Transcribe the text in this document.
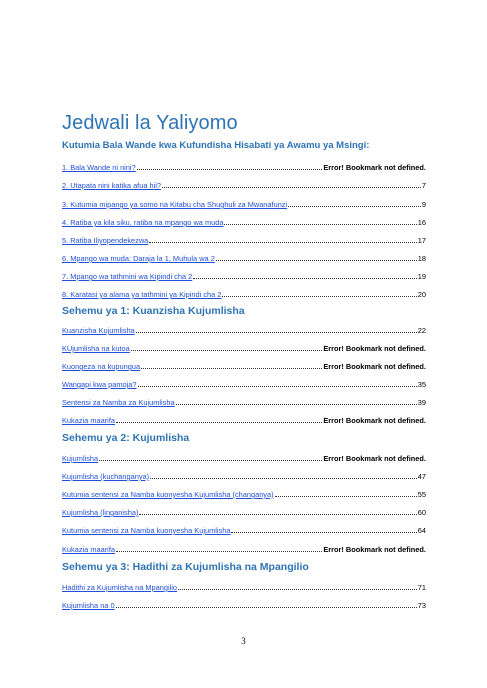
Jedwali la Yaliyomo
Kutumia Bala Wande kwa Kufundisha Hisabati ya Awamu ya Msingi:
1. Bala Wande ni nini?	Error! Bookmark not defined.
2. Utapata nini katika afua hii?	7
3. Kutumia mipango ya somo na Kitabu cha Shughuli za Mwanafunzi	9
4. Ratiba ya kila siku, ratiba na mpango wa muda	16
5. Ratiba Iliyopendekezwa	17
6. Mpango wa muda: Daraja la 1, Muhula wa 2	18
7. Mpango wa tathmini wa Kipindi cha 2	19
8. Karatasi ya alama ya tathmini ya Kipindi cha 2	20
Sehemu ya 1: Kuanzisha Kujumlisha
Kuanzisha Kujumlisha	22
KUjumlisha na kutoa	Error! Bookmark not defined.
Kuongeza na kupungua	Error! Bookmark not defined.
Wangapi kwa pamoja?	35
Sentensi za Namba za Kujumlisha	39
Kukazia maarifa	Error! Bookmark not defined.
Sehemu ya 2: Kujumlisha
Kujumlisha	Error! Bookmark not defined.
Kujumlisha (kuchanganya)	47
Kutumia sentensi za Namba kuonyesha Kujumlisha (changanya)	55
Kujumlisha (linganisha)	60
Kutumia sentensi za Namba kuonyesha Kujumlisha	64
Kukazia maarifa	Error! Bookmark not defined.
Sehemu ya 3: Hadithi za Kujumlisha na Mpangilio
Hadithi za Kujumlisha na Mpangilio	71
Kujumlisha na 0	73
3
